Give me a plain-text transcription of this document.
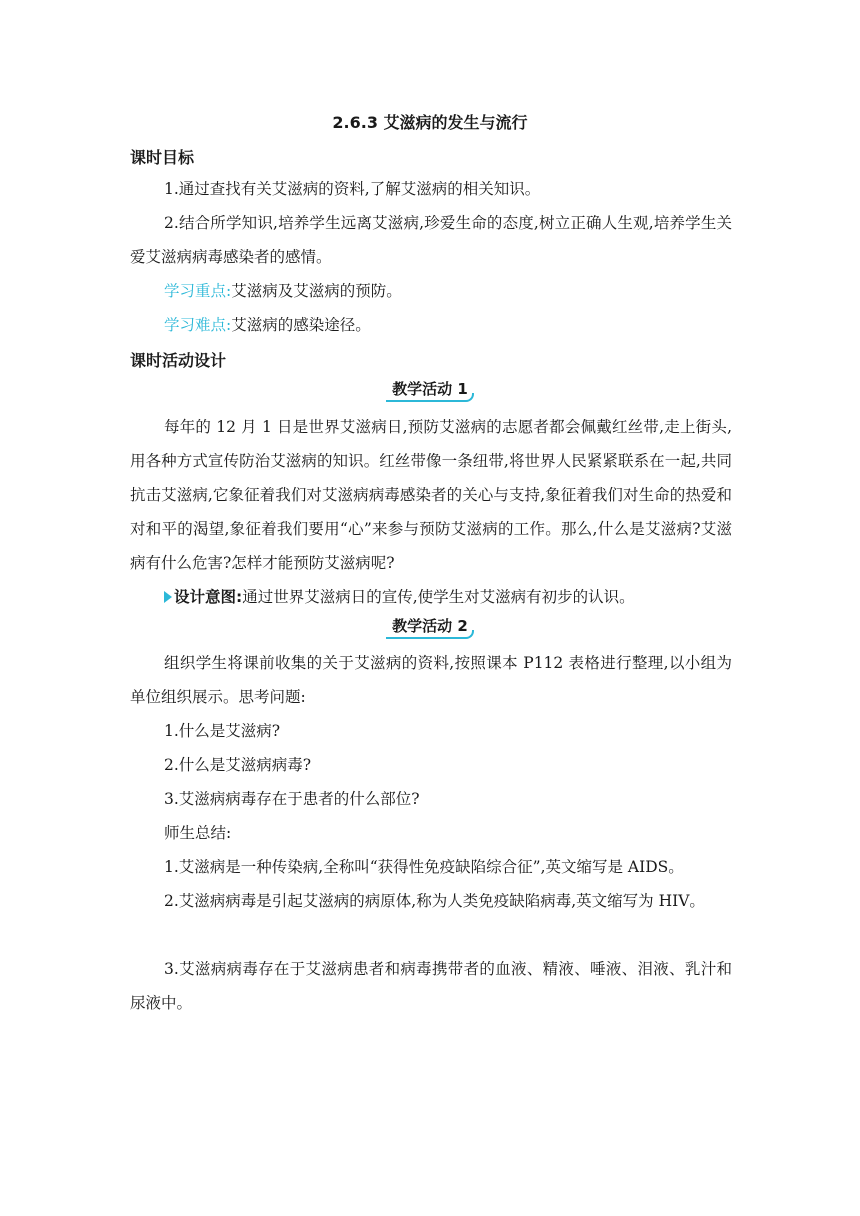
2.6.3 艾滋病的发生与流行
课时目标
1.通过查找有关艾滋病的资料,了解艾滋病的相关知识。
2.结合所学知识,培养学生远离艾滋病,珍爱生命的态度,树立正确人生观,培养学生关爱艾滋病病毒感染者的感情。
学习重点:艾滋病及艾滋病的预防。
学习难点:艾滋病的感染途径。
课时活动设计
教学活动 1
每年的 12 月 1 日是世界艾滋病日,预防艾滋病的志愿者都会佩戴红丝带,走上街头,用各种方式宣传防治艾滋病的知识。红丝带像一条纽带,将世界人民紧紧联系在一起,共同抗击艾滋病,它象征着我们对艾滋病病毒感染者的关心与支持,象征着我们对生命的热爱和对和平的渴望,象征着我们要用“心”来参与预防艾滋病的工作。那么,什么是艾滋病?艾滋病有什么危害?怎样才能预防艾滋病呢?
设计意图:通过世界艾滋病日的宣传,使学生对艾滋病有初步的认识。
教学活动 2
组织学生将课前收集的关于艾滋病的资料,按照课本 P112 表格进行整理,以小组为单位组织展示。思考问题:
1.什么是艾滋病?
2.什么是艾滋病病毒?
3.艾滋病病毒存在于患者的什么部位?
师生总结:
1.艾滋病是一种传染病,全称叫“获得性免疫缺陷综合征”,英文缩写是 AIDS。
2.艾滋病病毒是引起艾滋病的病原体,称为人类免疫缺陷病毒,英文缩写为 HIV。
3.艾滋病病毒存在于艾滋病患者和病毒携带者的血液、精液、唾液、泪液、乳汁和尿液中。
